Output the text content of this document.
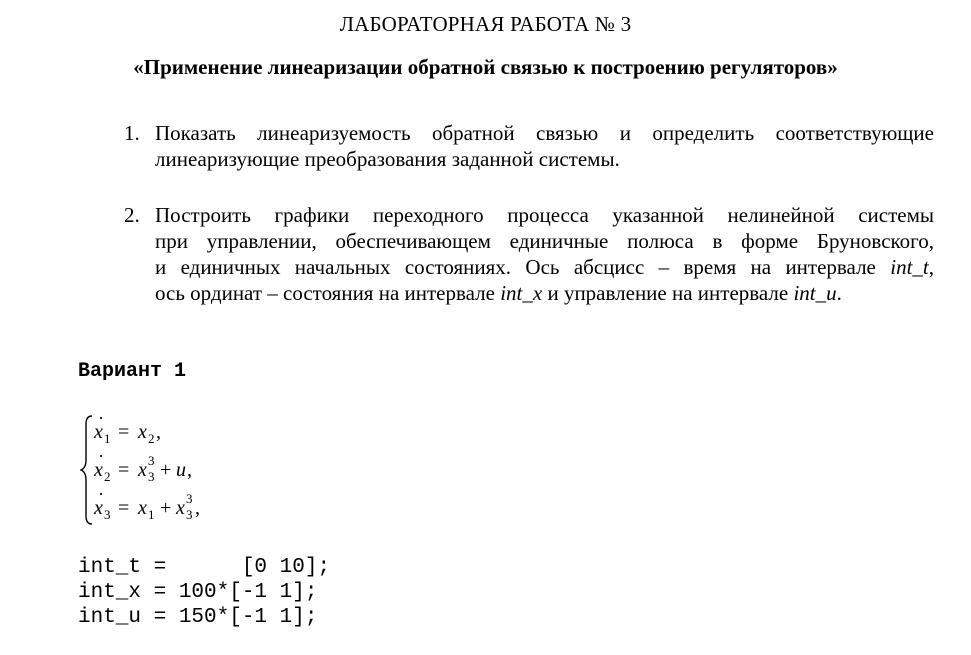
ЛАБОРАТОРНАЯ РАБОТА № 3
«Применение линеаризации обратной связью к построению регуляторов»
1. Показать линеаризуемость обратной связью и определить соответствующие
линеаризующие преобразования заданной системы.
2. Построить графики переходного процесса указанной нелинейной системы
при управлении, обеспечивающем единичные полюса в форме Бруновского,
и единичных начальных состояниях. Ось абсцисс – время на интервале int_t,
ось ординат – состояния на интервале int_x и управление на интервале int_u.
Вариант 1
x
·
1 = x 2 ,
x
·
2 = x 3
3 + u ,
x
·
3 = x 1 + x 3
3 ,
int_t =      [0 10];
int_x = 100*[-1 1];
int_u = 150*[-1 1];
